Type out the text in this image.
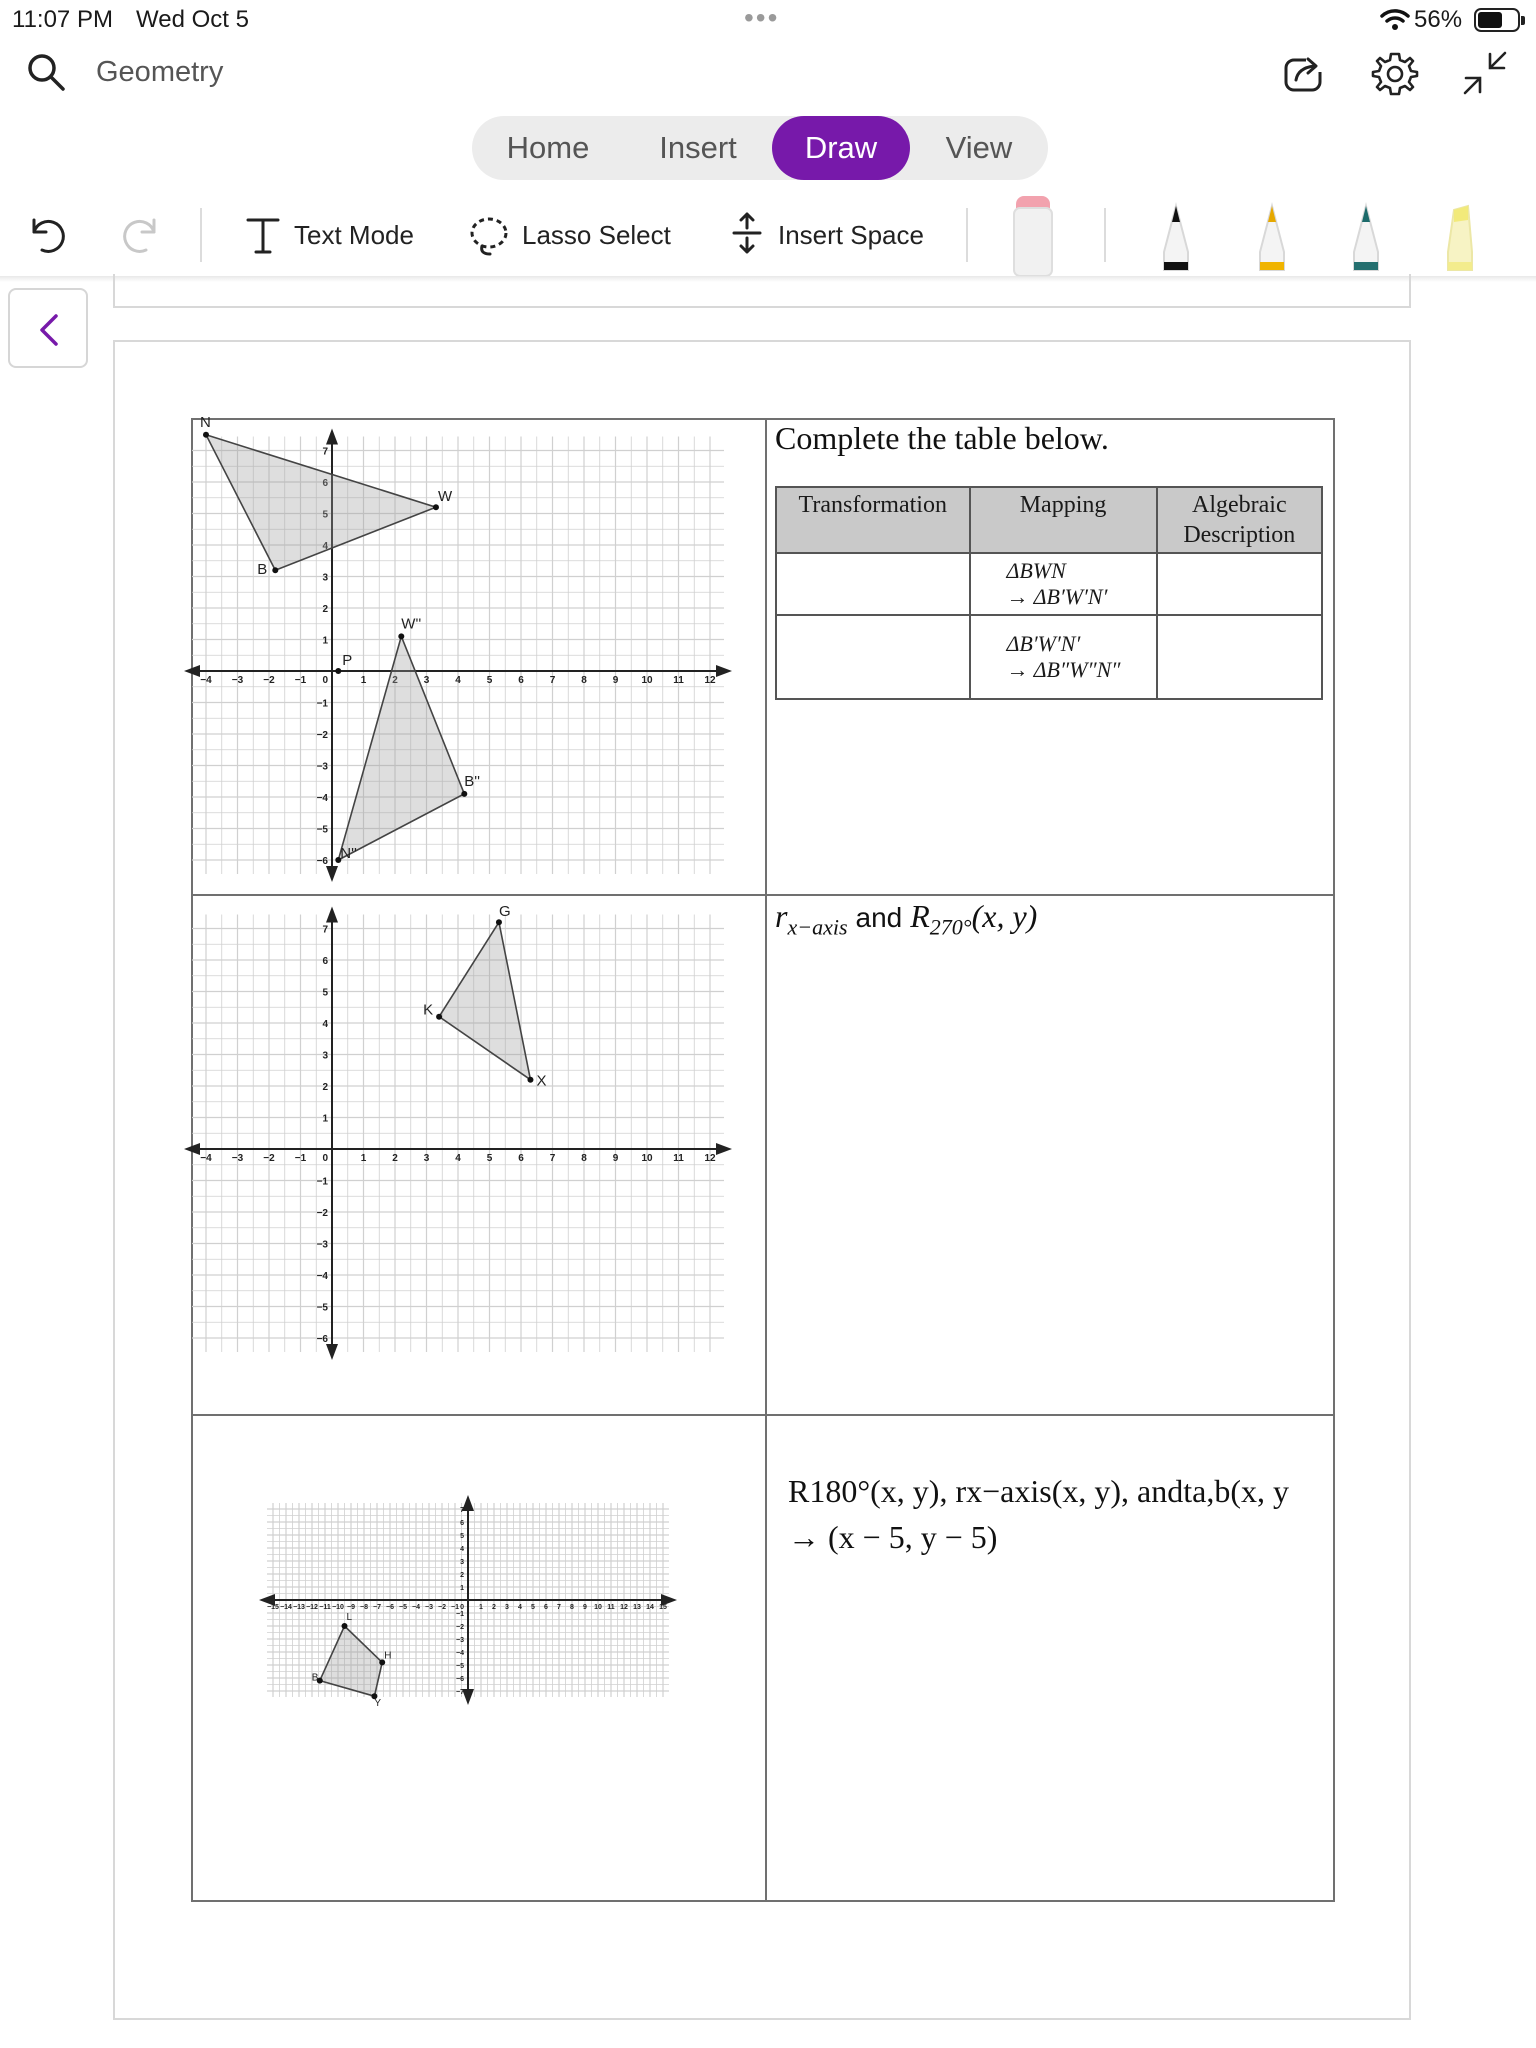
11:07 PM Wed Oct 5	•••	56%
Geometry
Home	Insert	Draw	View
Text Mode	Lasso Select	Insert Space
−4 −3 −2 −1	1	3	4	5	6	7	8	9 10 11 12
−6
−5
−4
−3
−2
−1
1
2
3
7
0
N
W
B
P
W''
B''
N''
−4 −3 −2 −1	1	2	3	4	5	6	7	8	9 10 11 12
−6
−5
−4
−3
−2
−1
1
2
3
4
5
6
7
0
G
K
X
−15 −14 −13 −12 −11 −10 −9 −8 −7 −6 −5 −4 −3 −2 −1	1 2 3 4 5 6 7 8 9 10 11 12 13 14 15
−7
−6
−5
−4
−3
−2
−1
1
2
3
4
5
6
7
0
L
H
B
Y
Complete the table below.
Transformation	Mapping	Algebraic Description

	ΔBWN
→ ΔB′W′N′	

	ΔB′W′N′
→ ΔB″W″N″	

$r_{x-axis}$ and $R_{270^\circ}(x$, y)
R180°(x, y), rx−axis(x, y), andta,b(x, y
→ (x − 5, y − 5)
